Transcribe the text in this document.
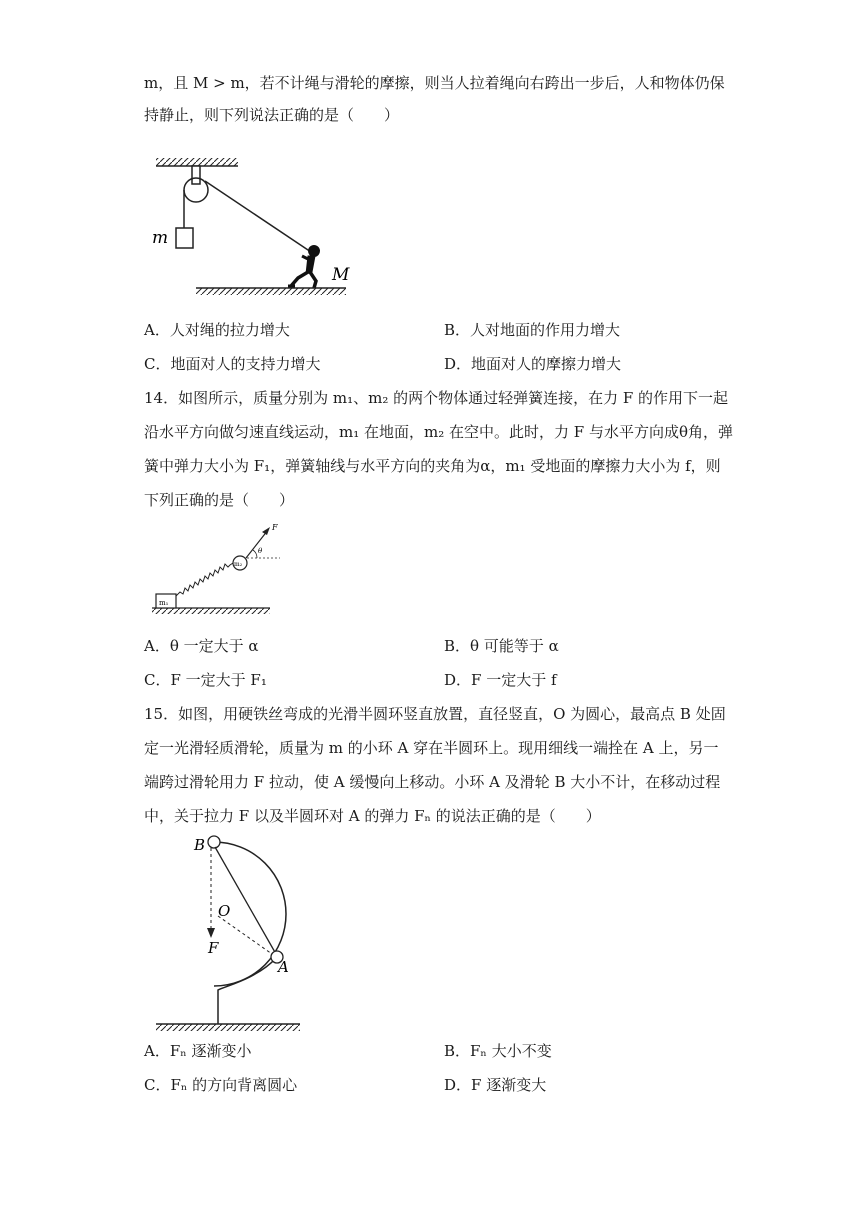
m，且 M > m，若不计绳与滑轮的摩擦，则当人拉着绳向右跨出一步后，人和物体仍保
持静止，则下列说法正确的是（　　）
m
M
A．人对绳的拉力增大	B．人对地面的作用力增大
C．地面对人的支持力增大	D．地面对人的摩擦力增大
14．如图所示，质量分别为 m₁、m₂ 的两个物体通过轻弹簧连接，在力 F 的作用下一起
沿水平方向做匀速直线运动，m₁ 在地面，m₂ 在空中。此时，力 F 与水平方向成θ角，弹
簧中弹力大小为 F₁，弹簧轴线与水平方向的夹角为α，m₁ 受地面的摩擦力大小为 f，则
下列正确的是（　　）
F
θ
m₁
m₂
A．θ 一定大于 α	B．θ 可能等于 α
C．F 一定大于 F₁	D．F 一定大于 f
15．如图，用硬铁丝弯成的光滑半圆环竖直放置，直径竖直，O 为圆心，最高点 B 处固
定一光滑轻质滑轮，质量为 m 的小环 A 穿在半圆环上。现用细线一端拴在 A 上，另一
端跨过滑轮用力 F 拉动，使 A 缓慢向上移动。小环 A 及滑轮 B 大小不计，在移动过程
中，关于拉力 F 以及半圆环对 A 的弹力 Fₙ 的说法正确的是（　　）
B
O
F
A
A．Fₙ 逐渐变小	B．Fₙ 大小不变
C．Fₙ 的方向背离圆心	D．F 逐渐变大
